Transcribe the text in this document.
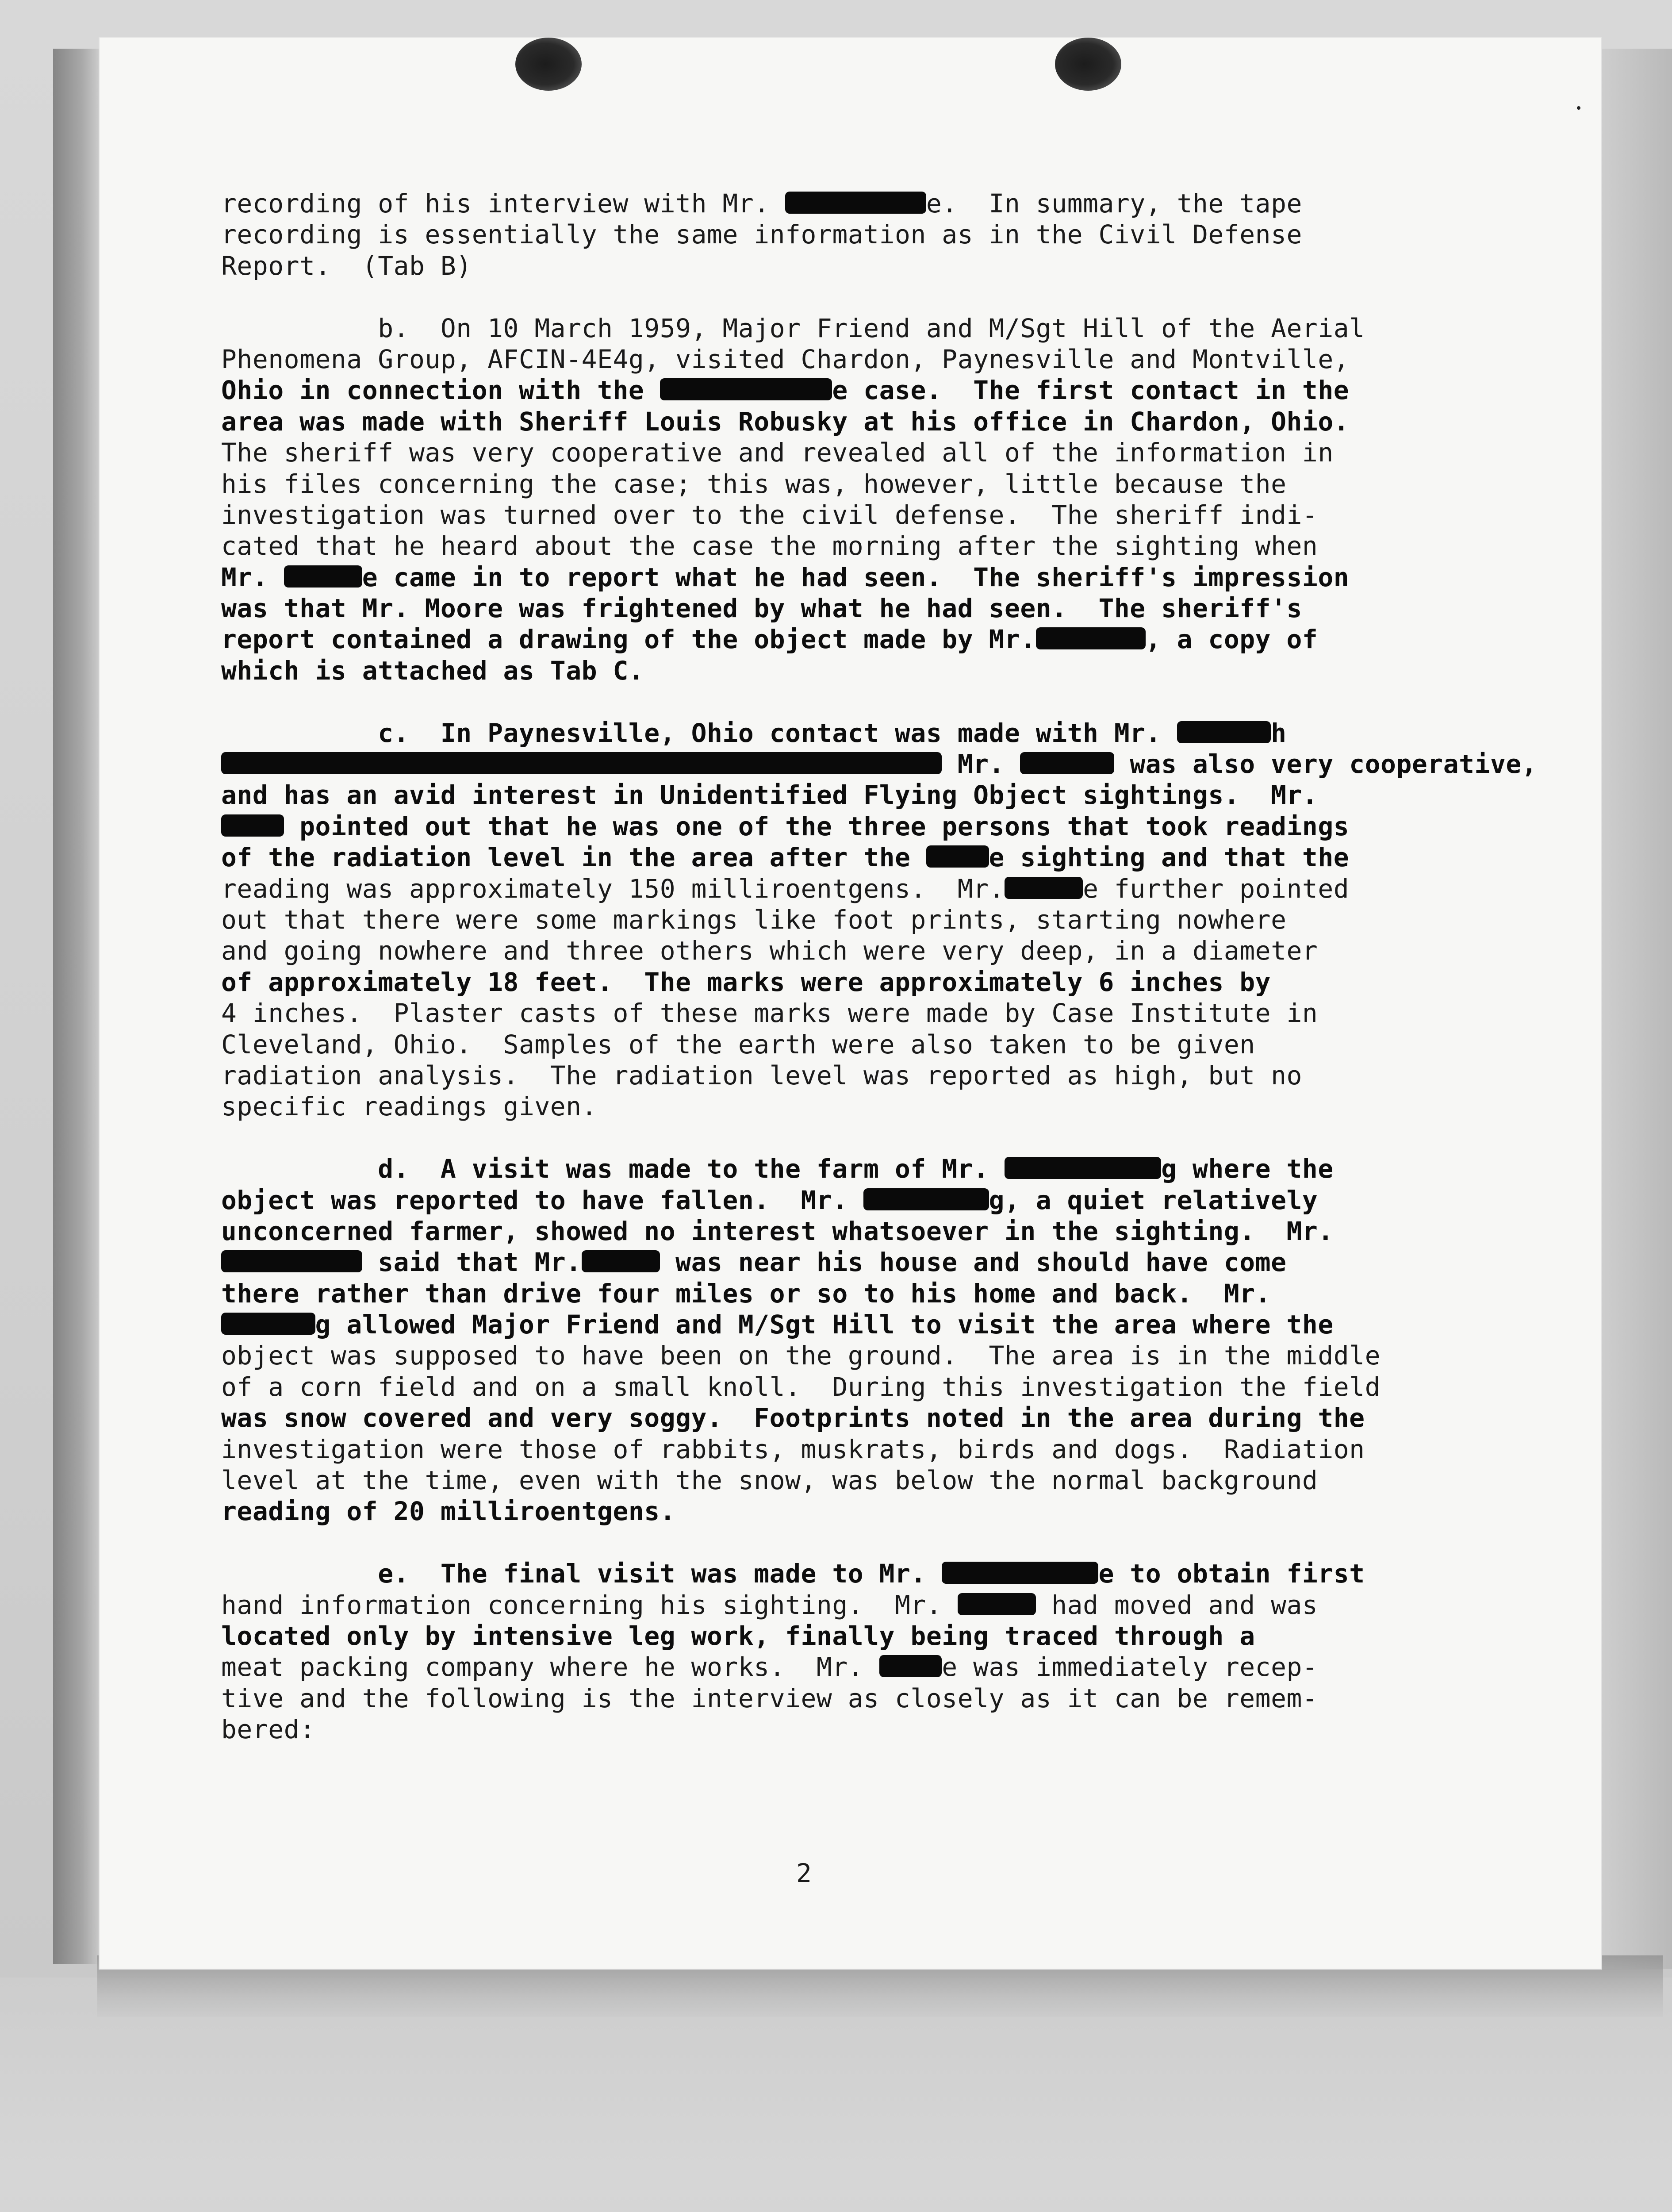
recording of his interview with Mr.	e.  In summary, the tape
recording is essentially the same information as in the Civil Defense
Report.  (Tab B)
b.  On 10 March 1959, Major Friend and M/Sgt Hill of the Aerial
Phenomena Group, AFCIN-4E4g, visited Chardon, Paynesville and Montville,
Ohio in connection with the	e case.  The first contact in the
area was made with Sheriff Louis Robusky at his office in Chardon, Ohio.
The sheriff was very cooperative and revealed all of the information in
his files concerning the case; this was, however, little because the
investigation was turned over to the civil defense.  The sheriff indi-
cated that he heard about the case the morning after the sighting when
Mr.	e came in to report what he had seen.  The sheriff's impression
was that Mr. Moore was frightened by what he had seen.  The sheriff's
report contained a drawing of the object made by Mr.	, a copy of
which is attached as Tab C.
c.  In Paynesville, Ohio contact was made with Mr.	h
Mr.	was also very cooperative,
and has an avid interest in Unidentified Flying Object sightings.  Mr.
pointed out that he was one of the three persons that took readings
of the radiation level in the area after the e sighting and that the
reading was approximately 150 milliroentgens.  Mr.	e further pointed
out that there were some markings like foot prints, starting nowhere
and going nowhere and three others which were very deep, in a diameter
of approximately 18 feet.  The marks were approximately 6 inches by
4 inches.  Plaster casts of these marks were made by Case Institute in
Cleveland, Ohio.  Samples of the earth were also taken to be given
radiation analysis.  The radiation level was reported as high, but no
specific readings given.
d.  A visit was made to the farm of Mr.	g where the
object was reported to have fallen.  Mr.	g, a quiet relatively
unconcerned farmer, showed no interest whatsoever in the sighting.  Mr.
said that Mr.	was near his house and should have come
there rather than drive four miles or so to his home and back.  Mr.
g allowed Major Friend and M/Sgt Hill to visit the area where the
object was supposed to have been on the ground.  The area is in the middle
of a corn field and on a small knoll.  During this investigation the field
was snow covered and very soggy.  Footprints noted in the area during the
investigation were those of rabbits, muskrats, birds and dogs.  Radiation
level at the time, even with the snow, was below the normal background
reading of 20 milliroentgens.
e.  The final visit was made to Mr.	e to obtain first
hand information concerning his sighting.  Mr.	had moved and was
located only by intensive leg work, finally being traced through a
meat packing company where he works.  Mr. e was immediately recep-
tive and the following is the interview as closely as it can be remem-
bered:
2
